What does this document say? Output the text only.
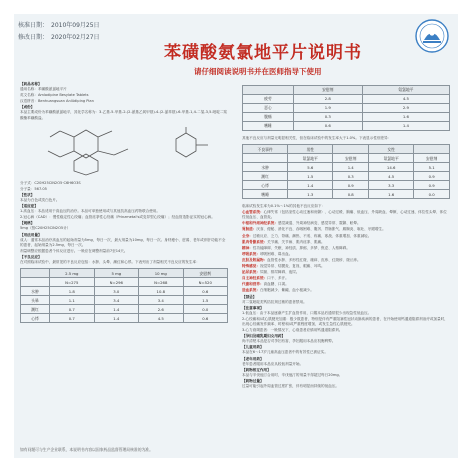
核准日期： 2010年09月25日
修改日期： 2020年02月27日
苯磺酸氨氯地平片说明书
请仔细阅读说明书并在医师指导下使用
【药品名称】
通用名称：苯磺酸氨氯地平片
英文名称：Amlodipine Besylate Tablets
汉语拼音：Benhuangsuan Anlüdiping Pian
【成份】
本品主要成份为苯磺酸氨氯地平，其化学名称为：3-乙基-5-甲基-2-(2-氨基乙氧甲基)-4-(2-氯苯基)-6-甲基-1,4-二氢-3,5-吡啶二羧酸酯苯磺酸盐。
分子式：C20H25ClN2O5·C6H6O3S
分子量：567.05
【性状】
本品为白色或类白色片。
【适应症】
1.高血压：本品适用于高血压的治疗。本品可单独使用或与其他抗高血压药物联合使用。
2.冠心病（CAD）：慢性稳定性心绞痛；血管痉挛性心绞痛（Prinzmetal's或变异型心绞痛）；经血管造影证实的冠心病。
【规格】
5mg（按C20H25ClN2O5计）
【用法用量】
成人：通常本品治疗高血压的起始剂量为5mg，每日一次，最大剂量为10mg，每日一次。身材瘦小、虚弱、老年或伴肝功能不全的患者，起始剂量为2.5mg，每日一次。
剂量调整应根据患者个体反应进行。一般应在调整剂量前7至14天。
【不良反应】
在对照临床试验中，最常见的不良反应包括：水肿、头晕、潮红和心悸。下表列出了剂量相关不良反应的发生率：
	2.5 mg	5 mg	10 mg	安慰剂
	N=275	N=296	N=268	N=520
水肿	1.8	3.0	10.8	0.6
头晕	1.1	3.4	3.4	1.5
潮红	0.7	1.4	2.6	0.0
心悸	0.7	1.4	4.5	0.6
	安慰剂	氨氯地平
疲劳	2.8	4.5
恶心	1.9	2.9
腹痛	0.3	1.6
嗜睡	0.6	1.4
其他不良反应与剂量无明显相关性，但在临床试验中的发生率大于1.0%。下表显示性别差异：
不良事件	男性		女性	
	氨氯地平	安慰剂	氨氯地平	安慰剂
水肿	5.6	1.4	14.6	5.1
潮红	1.5	0.3	4.5	0.9
心悸	1.4	0.9	3.3	0.9
嗜睡	1.3	0.8	1.6	0.0
临床试验发生率为0.1%～1%的其他不良反应如下：
心血管系统：心律失常（包括室性心动过速和房颤）、心动过缓、胸痛、低血压、外周缺血、晕厥、心动过速、体位性头晕、体位性低血压、血管炎。
中枢和外周神经系统：感觉减退、外周神经病变、感觉异常、震颤、眩晕。
胃肠道：厌食、便秘、消化不良、吞咽困难、腹泻、胃肠胀气、胰腺炎、呕吐、牙龈增生。
全身：过敏反应、乏力、背痛、潮热、不适、疼痛、寒战、体重增加、体重减轻。
肌肉骨骼系统：关节痛、关节病、肌肉痉挛、肌痛。
精神：性功能障碍、失眠、神经质、抑郁、多梦、焦虑、人格障碍。
呼吸系统：呼吸困难、鼻出血。
皮肤及附属物：血管性水肿、多形性红斑、瘙痒、皮疹、红斑疹、斑丘疹。
特殊感觉：视觉异常、结膜炎、复视、眼痛、耳鸣。
泌尿系统：尿频、排尿障碍、夜尿。
自主神经系统：口干、多汗。
代谢和营养：高血糖、口渴。
造血系统：白细胞减少、紫癜、血小板减少。
【禁忌】
对二氢吡啶类钙拮抗剂过敏的患者禁用。
【注意事项】
1.低血压：由于本品逐渐产生扩血管作用，口服本品后通常很少出现急性低血压。
2.心绞痛和/或心肌梗死加重：极少数患者，特别是伴有严重阻塞性冠状动脉疾病的患者，在开始使用钙通道阻滞剂治疗或加量时，出现心绞痛发作频率、时程和/或严重程度增加，或发生急性心肌梗死。
3.心力衰竭患者：一般情况下，心衰患者应慎用钙通道阻滞剂。
【孕妇及哺乳期妇女用药】
尚不清楚本品是否对孕妇有害，孕妇服用本品应权衡利弊。
【儿童用药】
本品在6～17岁儿童高血压患者中的有效性已被证实。
【老年用药】
老年患者服用本品应从较低剂量开始。
【药物相互作用】
本品与辛伐他汀合用时，辛伐他汀的剂量不得超过每日20mg。
【药物过量】
过量可能引起外周血管过度扩张，伴有明显而持续的低血压。
如有问题可与生产企业联系，本说明书内容以国家药品监督管理局核准的为准。
